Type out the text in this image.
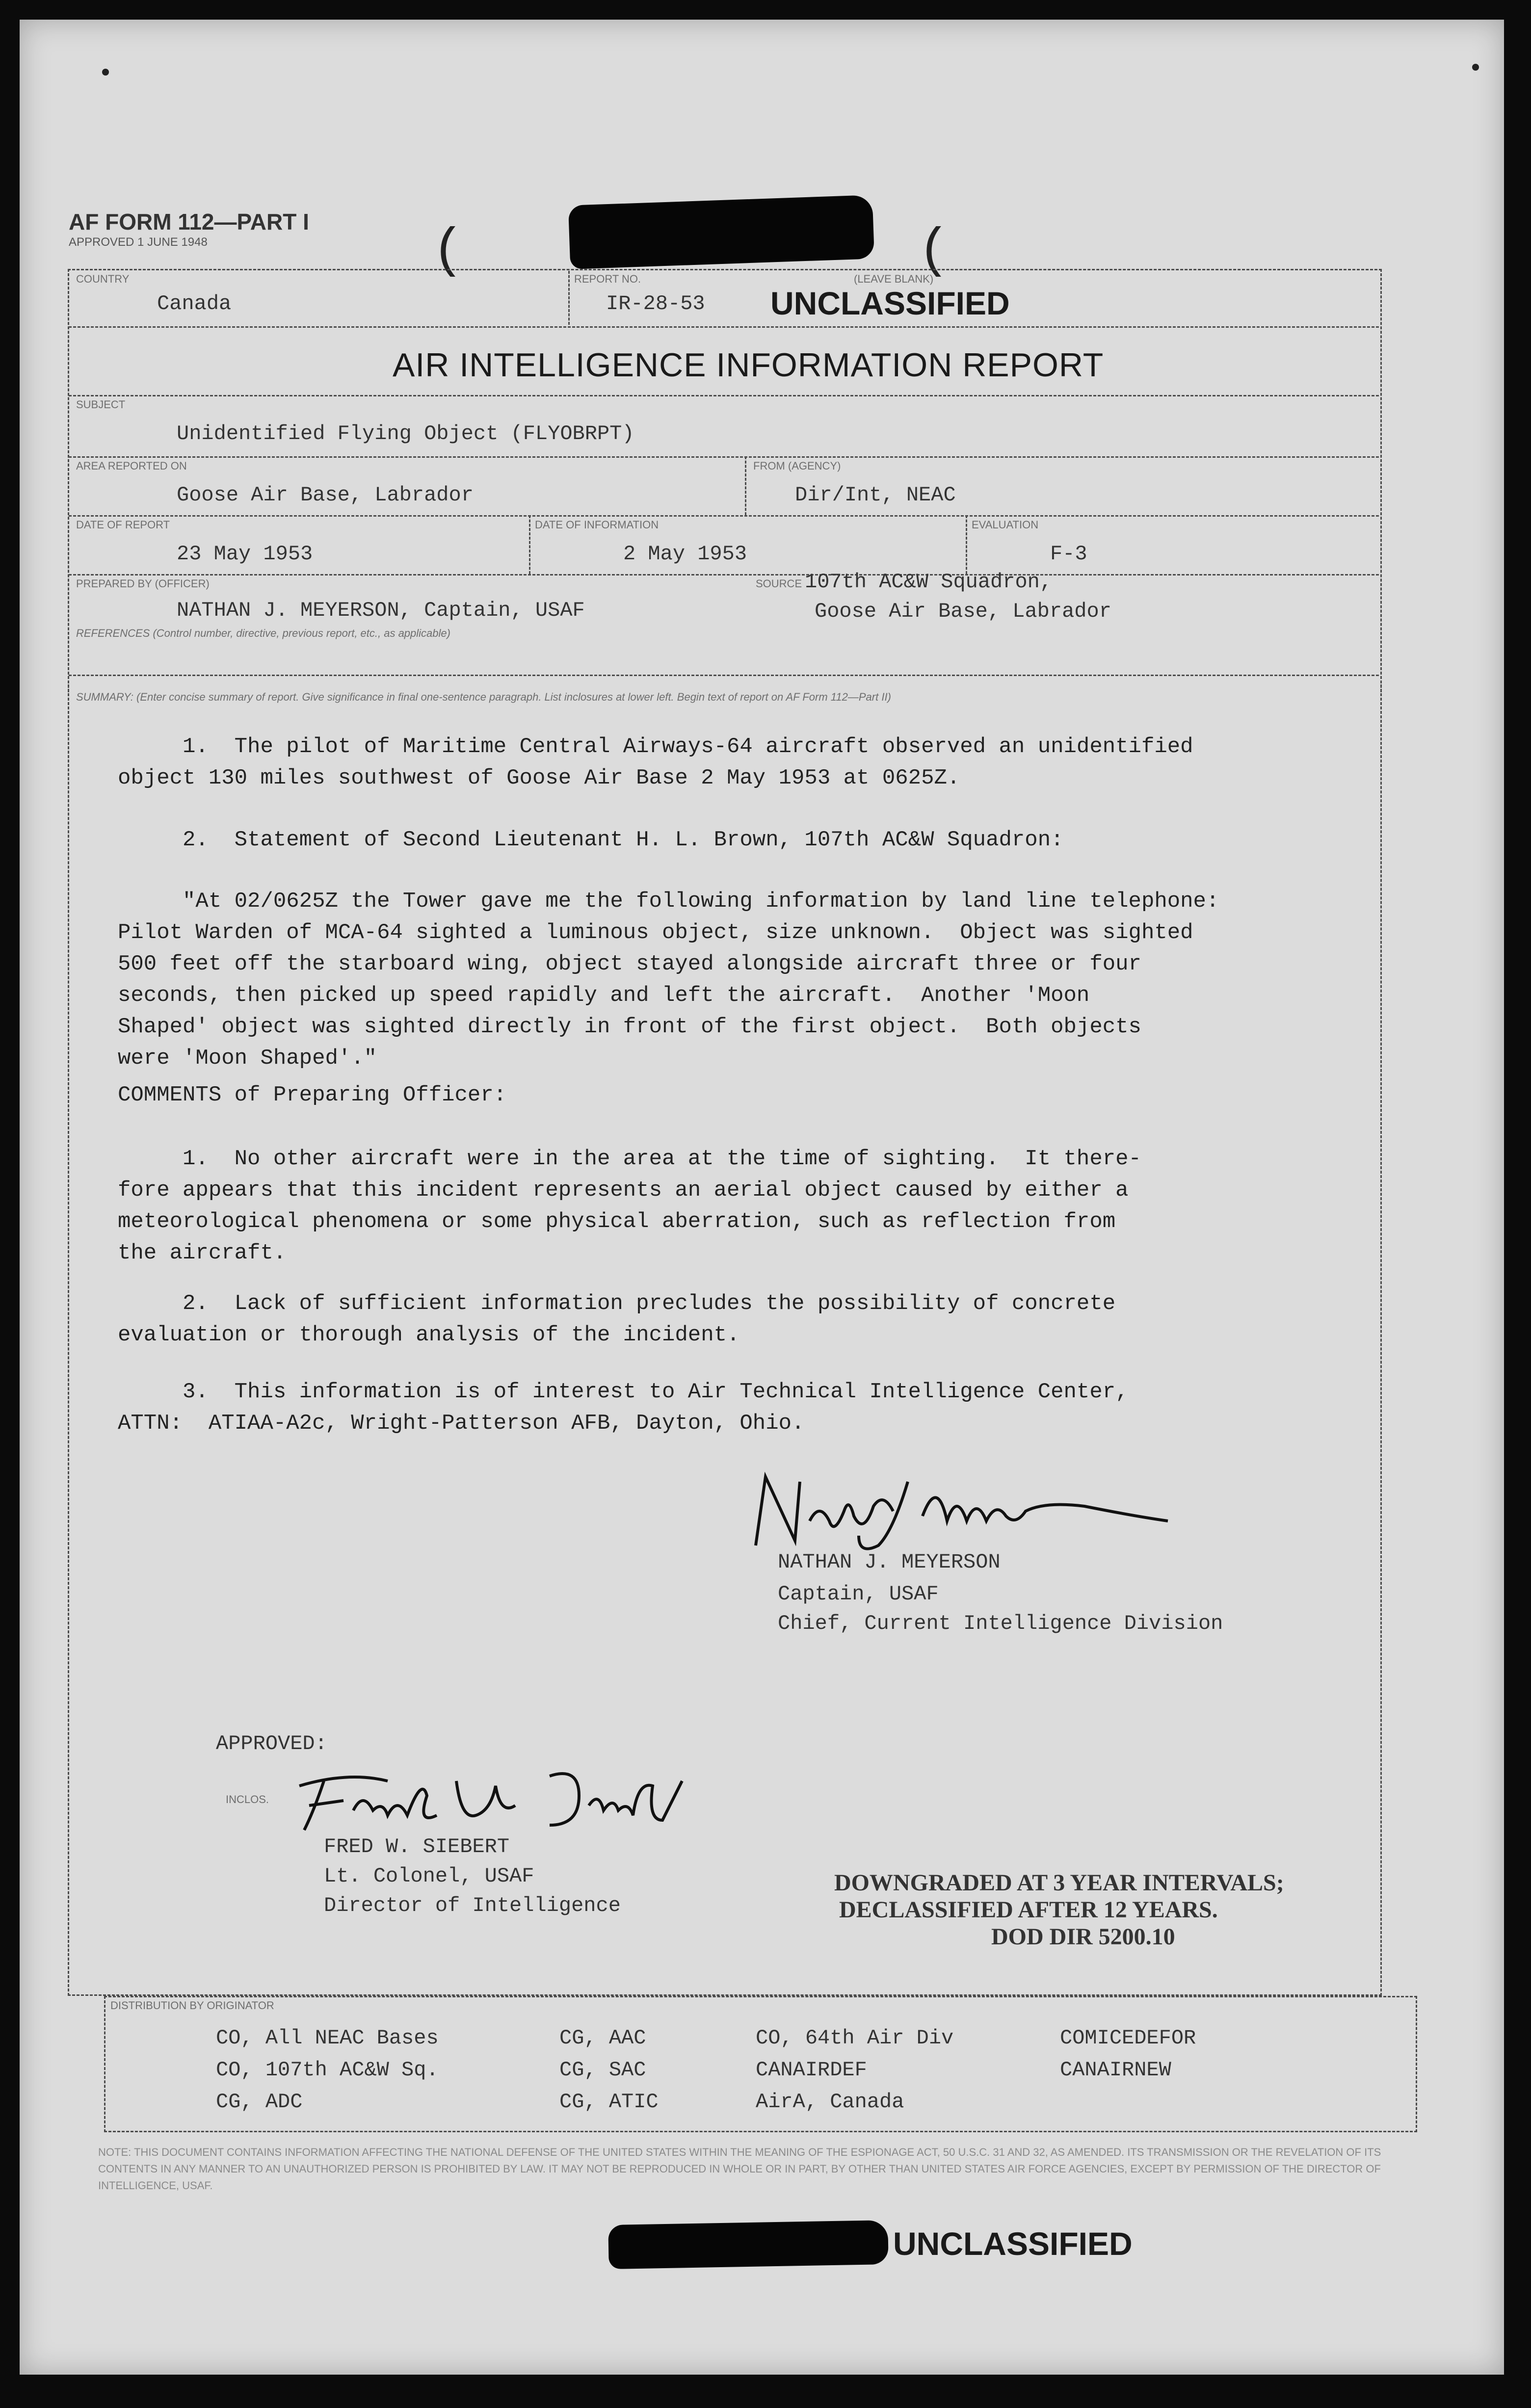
AF FORM 112—PART I
APPROVED 1 JUNE 1948	(	(
COUNTRY
Canada
REPORT NO.
IR-28-53
(LEAVE BLANK)
UNCLASSIFIED
AIR INTELLIGENCE INFORMATION REPORT
SUBJECT
Unidentified Flying Object (FLYOBRPT)
AREA REPORTED ON
Goose Air Base, Labrador
FROM (AGENCY)
Dir/Int, NEAC
DATE OF REPORT
23 May 1953
DATE OF INFORMATION
2 May 1953
EVALUATION
F-3
PREPARED BY (OFFICER)
NATHAN J. MEYERSON, Captain, USAF
SOURCE 107th AC&W Squadron,
Goose Air Base, Labrador
REFERENCES (Control number, directive, previous report, etc., as applicable)
SUMMARY: (Enter concise summary of report. Give significance in final one-sentence paragraph. List inclosures at lower left. Begin text of report on AF Form 112—Part II)
1.  The pilot of Maritime Central Airways-64 aircraft observed an unidentified
object 130 miles southwest of Goose Air Base 2 May 1953 at 0625Z.
2.  Statement of Second Lieutenant H. L. Brown, 107th AC&W Squadron:
"At 02/0625Z the Tower gave me the following information by land line telephone:
Pilot Warden of MCA-64 sighted a luminous object, size unknown.  Object was sighted
500 feet off the starboard wing, object stayed alongside aircraft three or four
seconds, then picked up speed rapidly and left the aircraft.  Another 'Moon
Shaped' object was sighted directly in front of the first object.  Both objects
were 'Moon Shaped'."
COMMENTS of Preparing Officer:
1.  No other aircraft were in the area at the time of sighting.  It there-
fore appears that this incident represents an aerial object caused by either a
meteorological phenomena or some physical aberration, such as reflection from
the aircraft.
2.  Lack of sufficient information precludes the possibility of concrete
evaluation or thorough analysis of the incident.
3.  This information is of interest to Air Technical Intelligence Center,
ATTN:  ATIAA-A2c, Wright-Patterson AFB, Dayton, Ohio.
NATHAN J. MEYERSON
Captain, USAF
Chief, Current Intelligence Division
APPROVED:
INCLOS.
FRED W. SIEBERT
Lt. Colonel, USAF
Director of Intelligence
DOWNGRADED AT 3 YEAR INTERVALS;
DECLASSIFIED AFTER 12 YEARS.
DOD DIR 5200.10
DISTRIBUTION BY ORIGINATOR
CO, All NEAC Bases
CO, 107th AC&W Sq.
CG, ADC
CG, AAC
CG, SAC
CG, ATIC
CO, 64th Air Div
CANAIRDEF
AirA, Canada
COMICEDEFOR
CANAIRNEW
NOTE: THIS DOCUMENT CONTAINS INFORMATION AFFECTING THE NATIONAL DEFENSE OF THE UNITED STATES WITHIN THE MEANING OF THE ESPIONAGE ACT, 50 U.S.C. 31 AND 32, AS AMENDED. ITS TRANSMISSION OR THE REVELATION OF ITS CONTENTS IN ANY MANNER TO AN UNAUTHORIZED PERSON IS PROHIBITED BY LAW. IT MAY NOT BE REPRODUCED IN WHOLE OR IN PART, BY OTHER THAN UNITED STATES AIR FORCE AGENCIES, EXCEPT BY PERMISSION OF THE DIRECTOR OF INTELLIGENCE, USAF.
UNCLASSIFIED
